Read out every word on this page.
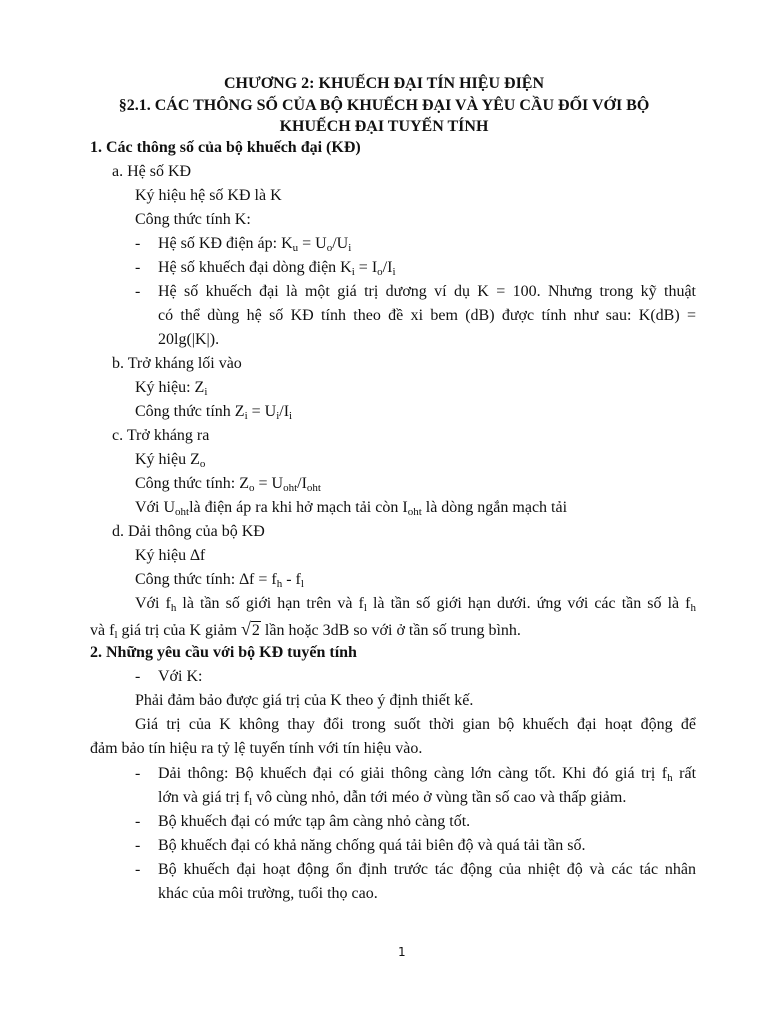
CHƯƠNG 2: KHUẾCH ĐẠI TÍN HIỆU ĐIỆN
§2.1. CÁC THÔNG SỐ CỦA BỘ KHUẾCH ĐẠI VÀ YÊU CẦU ĐỐI VỚI BỘ
KHUẾCH ĐẠI TUYẾN TÍNH
1. Các thông số của bộ khuếch đại (KĐ)
a. Hệ số KĐ
Ký hiệu hệ số KĐ là K
Công thức tính K:
- Hệ số KĐ điện áp: $K_u = U_o/U_i$
- Hệ số khuếch đại dòng điện $K_i = I_o/I_i$
- Hệ số khuếch đại là một giá trị dương ví dụ K = 100. Nhưng trong kỹ thuật
có thể dùng hệ số KĐ tính theo đề xi bem (dB) được tính như sau: K(dB) =
20lg(|K|).
b. Trở kháng lối vào
Ký hiệu: $Z_i$
Công thức tính $Z_i = U_i/I_i$
c. Trở kháng ra
Ký hiệu $Z_o$
Công thức tính: $Z_o = U_{oht}/I_{oht}$
Với $U_{oht}là$ điện áp ra khi hở mạch tải còn $I_{oht}$ là dòng ngắn mạch tải
d. Dải thông của bộ KĐ
Ký hiệu ∆f
Công thức tính: $\Delta f = f_h - f_l$
Với $f_h$ là tần số giới hạn trên và $f_l$ là tần số giới hạn dưới. ứng với các tần số là $f_h$
và $f_l$ giá trị của K giảm √2 lần hoặc 3dB so với ở tần số trung bình.
2. Những yêu cầu với bộ KĐ tuyến tính
- Với K:
Phải đảm bảo được giá trị của K theo ý định thiết kế.
Giá trị của K không thay đổi trong suốt thời gian bộ khuếch đại hoạt động để
đảm bảo tín hiệu ra tỷ lệ tuyến tính với tín hiệu vào.
- Dải thông: Bộ khuếch đại có giải thông càng lớn càng tốt. Khi đó giá trị $f_h$ rất
lớn và giá trị $f_l$ vô cùng nhỏ, dẫn tới méo ở vùng tần số cao và thấp giảm.
- Bộ khuếch đại có mức tạp âm càng nhỏ càng tốt.
- Bộ khuếch đại có khả năng chống quá tải biên độ và quá tải tần số.
- Bộ khuếch đại hoạt động ổn định trước tác động của nhiệt độ và các tác nhân
khác của môi trường, tuổi thọ cao.
1
